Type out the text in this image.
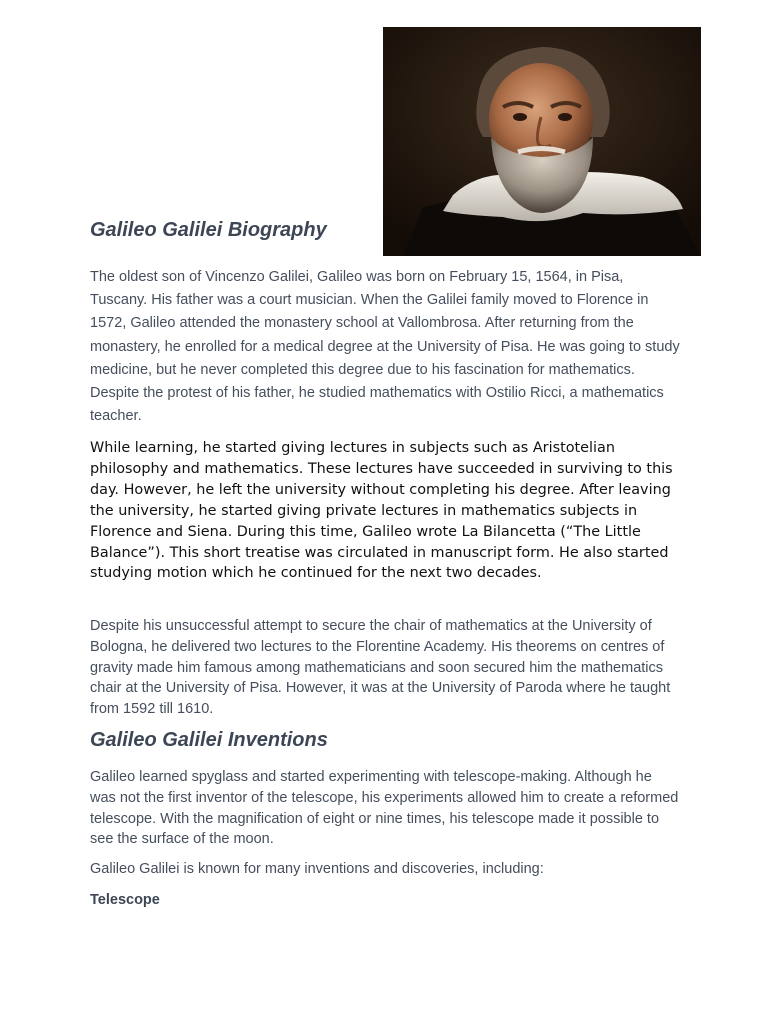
Galileo Galilei Biography

The oldest son of Vincenzo Galilei, Galileo was born on February 15, 1564, in Pisa, Tuscany. His father was a court musician. When the Galilei family moved to Florence in 1572, Galileo attended the monastery school at Vallombrosa. After returning from the monastery, he enrolled for a medical degree at the University of Pisa. He was going to study medicine, but he never completed this degree due to his fascination for mathematics. Despite the protest of his father, he studied mathematics with Ostilio Ricci, a mathematics teacher.

While learning, he started giving lectures in subjects such as Aristotelian philosophy and mathematics. These lectures have succeeded in surviving to this day. However, he left the university without completing his degree. After leaving the university, he started giving private lectures in mathematics subjects in Florence and Siena. During this time, Galileo wrote La Bilancetta (“The Little Balance”). This short treatise was circulated in manuscript form. He also started studying motion which he continued for the next two decades.

Despite his unsuccessful attempt to secure the chair of mathematics at the University of Bologna, he delivered two lectures to the Florentine Academy. His theorems on centres of gravity made him famous among mathematicians and soon secured him the mathematics chair at the University of Pisa. However, it was at the University of Paroda where he taught from 1592 till 1610.

Galileo Galilei Inventions

Galileo learned spyglass and started experimenting with telescope-making. Although he was not the first inventor of the telescope, his experiments allowed him to create a reformed telescope. With the magnification of eight or nine times, his telescope made it possible to see the surface of the moon.

Galileo Galilei is known for many inventions and discoveries, including:

Telescope
